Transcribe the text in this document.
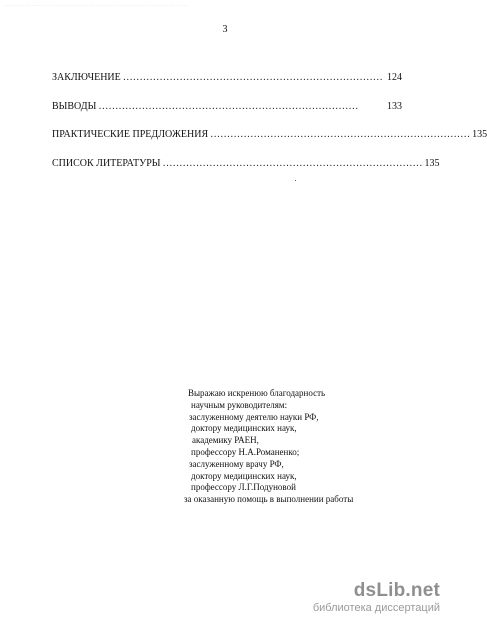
........ .......... ...... ......... ... ..... ...... ......... ....... ......... ...... ..... ...... ....... ...... ........ ..... ...... ........ ...... .... ...... ..... ......
3
ЗАКЛЮЧЕНИЕ …………………………………………………………………… 124
ВЫВОДЫ ……………………………………………………………………	133
ПРАКТИЧЕСКИЕ ПРЕДЛОЖЕНИЯ …………………………………………………………………… 135
СПИСОК ЛИТЕРАТУРЫ …………………………………………………………………… 135
Выражаю искренюю благодарность
научным руководителям:
заслуженному деятелю науки РФ,
доктору медицинских наук,
академику РАЕН,
профессору Н.А.Романенко;
заслуженному врачу РФ,
доктору медицинских наук,
профессору Л.Г.Подуновой
за оказанную помощь в выполнении работы
dsLib.net
библиотека диссертаций
